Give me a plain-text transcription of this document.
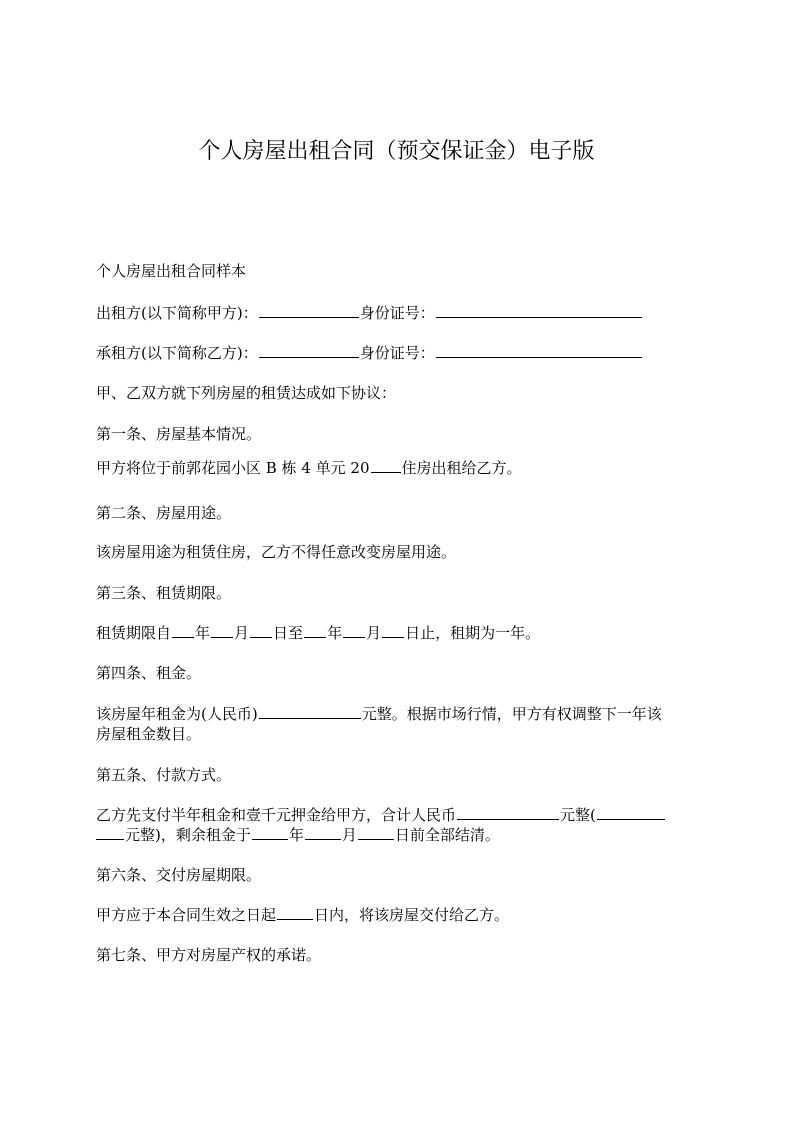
个人房屋出租合同（预交保证金）电子版
个人房屋出租合同样本
出租方(以下简称甲方)：	身份证号：
承租方(以下简称乙方)：	身份证号：
甲、乙双方就下列房屋的租赁达成如下协议：
第一条、房屋基本情况。
甲方将位于前郭花园小区 B 栋 4 单元 20 住房出租给乙方。
第二条、房屋用途。
该房屋用途为租赁住房，乙方不得任意改变房屋用途。
第三条、租赁期限。
租赁期限自 年 月 日至 年 月 日止，租期为一年。
第四条、租金。
该房屋年租金为(人民币)	元整。根据市场行情，甲方有权调整下一年该
房屋租金数目。
第五条、付款方式。
乙方先支付半年租金和壹千元押金给甲方，合计人民币	元整(
元整)，剩余租金于	年	月	日前全部结清。
第六条、交付房屋期限。
甲方应于本合同生效之日起	日内，将该房屋交付给乙方。
第七条、甲方对房屋产权的承诺。
